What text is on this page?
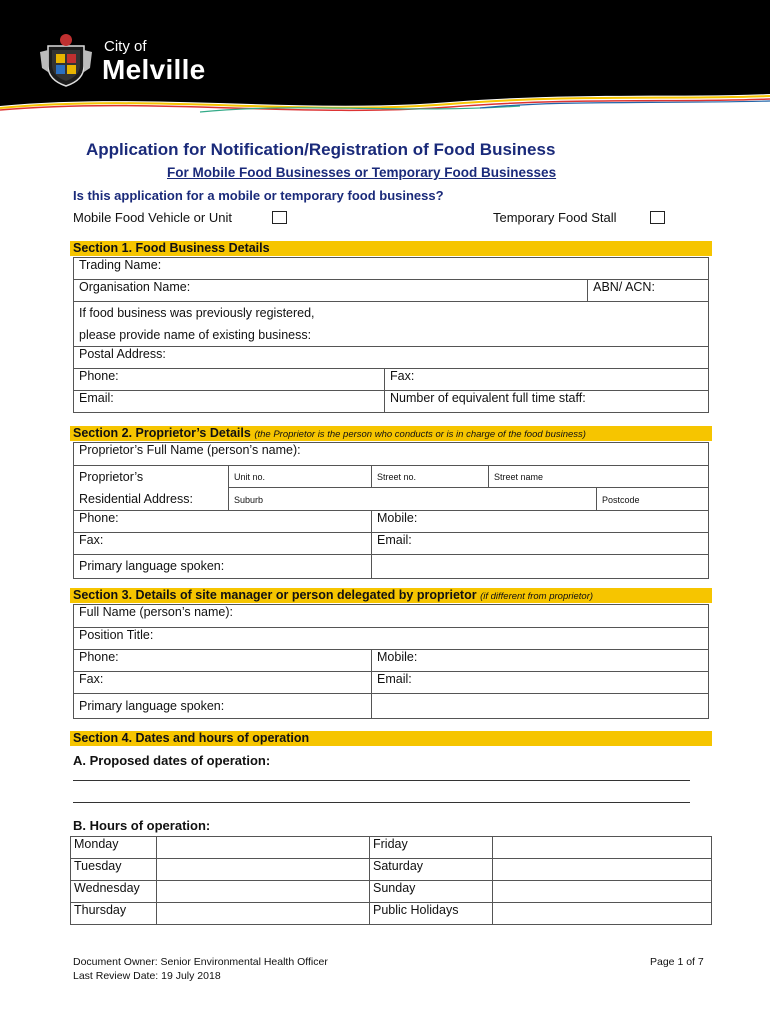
City of
Melville
Application for Notification/Registration of Food Business
For Mobile Food Businesses or Temporary Food Businesses
Is this application for a mobile or temporary food business?
Mobile Food Vehicle or Unit	Temporary Food Stall
Section 1. Food Business Details
Trading Name:		
Organisation Name:		ABN/ ACN:

If food business was previously registered,
please provide name of existing business:		

Postal Address:		
Phone:	Fax:	
Email:	Number of equivalent full time staff:	
Section 2. Proprietor’s Details (the Proprietor is the person who conducts or is in charge of the food business)
Proprietor’s Full Name (person’s name):				

Proprietor’s
Residential Address:	Unit no.	Street no.	Street name	
	Suburb			Postcode
Phone:		Mobile:		
Fax:		Email:		
Primary language spoken:				
Section 3. Details of site manager or person delegated by proprietor (if different from proprietor)
Full Name (person’s name):	
Position Title:	
Phone:	Mobile:
Fax:	Email:
Primary language spoken:	
Section 4. Dates and hours of operation
A. Proposed dates of operation:
B. Hours of operation:
Monday		Friday	
Tuesday		Saturday	
Wednesday		Sunday	
Thursday		Public Holidays	
Document Owner: Senior Environmental Health Officer
Last Review Date: 19 July 2018
Page 1 of 7
